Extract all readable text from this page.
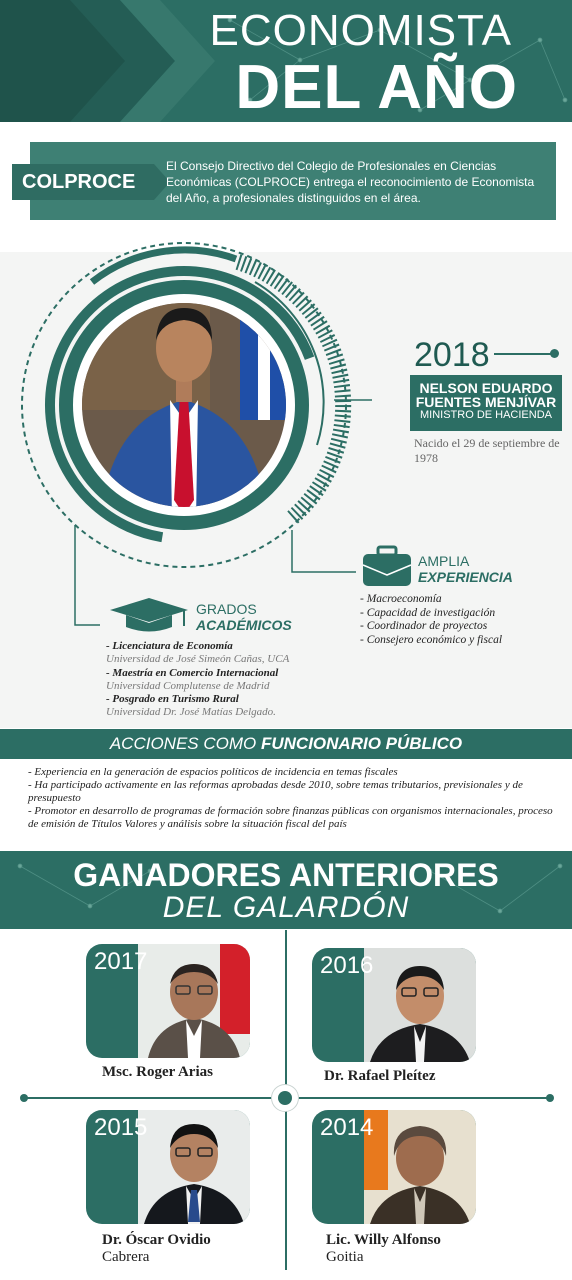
ECONOMISTA
DEL AÑO
COLPROCE
El Consejo Directivo del Colegio de Profesionales en Ciencias Económicas (COLPROCE) entrega el reconocimiento de Economista del Año, a profesionales distinguidos en el área.
2018
NELSON EDUARDO
FUENTES MENJÍVAR
MINISTRO DE HACIENDA
Nacido el 29 de septiembre de 1978
AMPLIA
EXPERIENCIA
- Macroeconomía
- Capacidad de investigación
- Coordinador de proyectos
- Consejero económico y fiscal
GRADOS
ACADÉMICOS
- Licenciatura de Economía
Universidad de José Simeón Cañas, UCA
- Maestría en Comercio Internacional
Universidad Complutense de Madrid
- Posgrado en Turismo Rural
Universidad Dr. José Matías Delgado.
ACCIONES COMO FUNCIONARIO PÚBLICO
- Experiencia en la generación de espacios políticos de incidencia en temas fiscales
- Ha participado activamente en las reformas aprobadas desde 2010, sobre temas tributarios, previsionales y de presupuesto
- Promotor en desarrollo de programas de formación sobre finanzas públicas con organismos internacionales, proceso de emisión de Títulos Valores y análisis sobre la situación fiscal del país
GANADORES ANTERIORES
DEL GALARDÓN
2017
Msc. Roger Arias
2016
Dr. Rafael Pleítez
2015
Dr. Óscar Ovidio
Cabrera
2014
Lic. Willy Alfonso
Goitia
